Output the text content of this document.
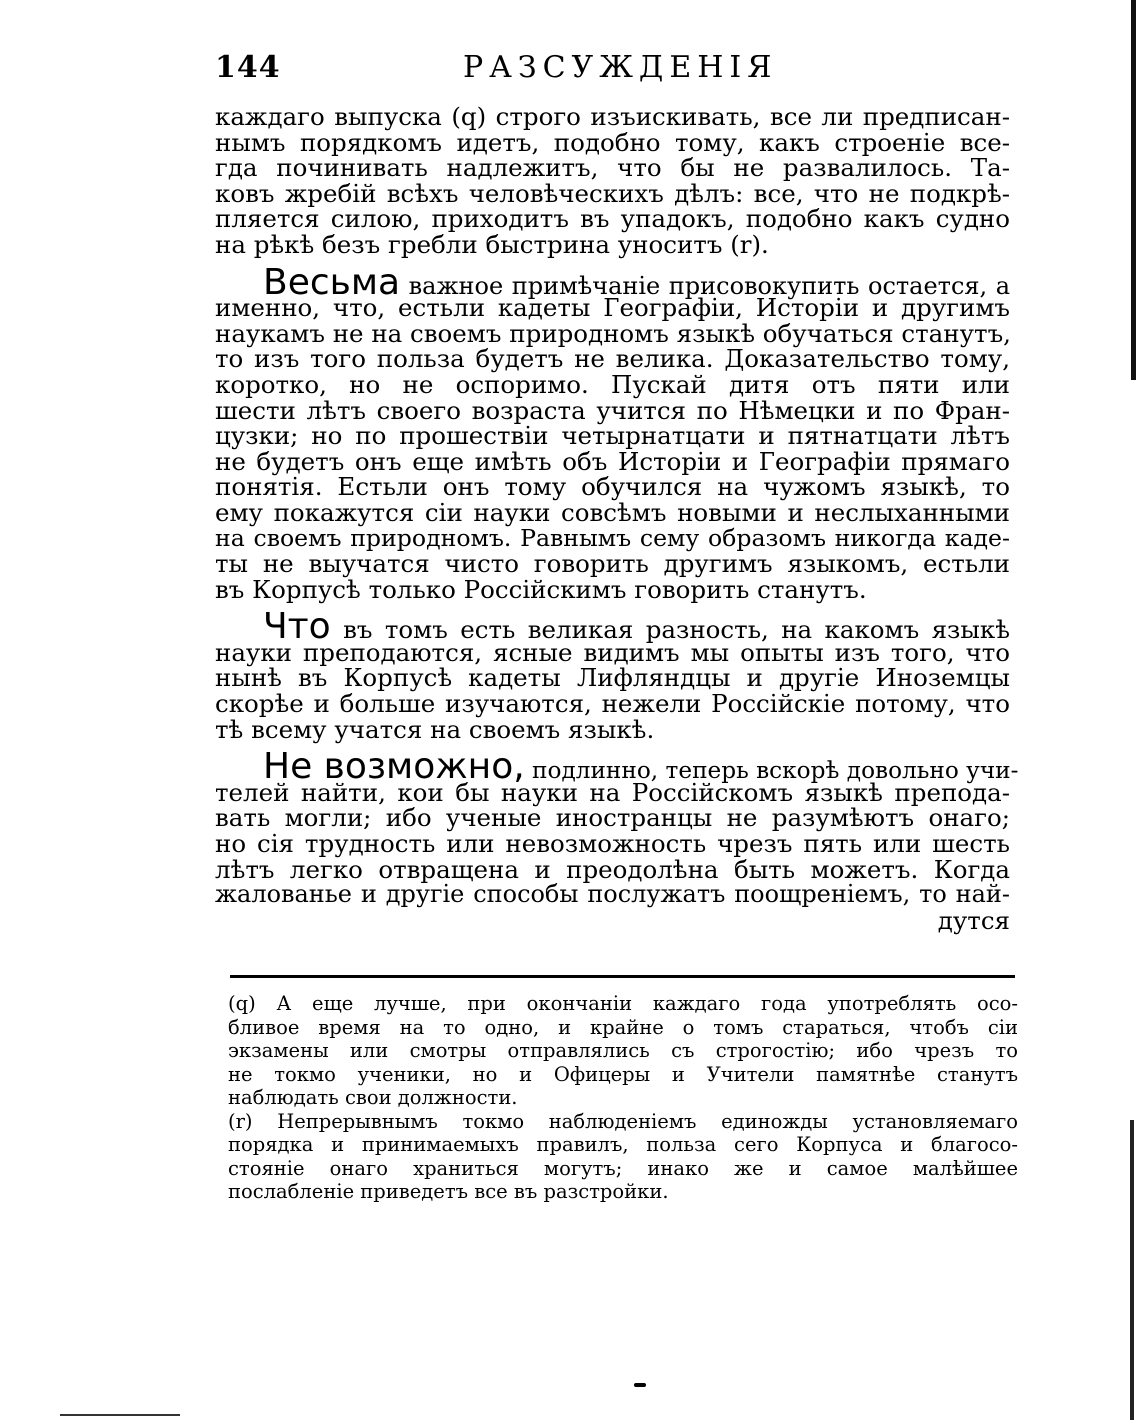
144	РАЗСУЖДЕНІЯ
каждаго выпуска (q) строго изъискивать, все ли предписан-
нымъ порядкомъ идетъ, подобно тому, какъ строеніе все-
гда починивать надлежитъ, что бы не развалилось. Та-
ковъ жребій всѣхъ человѣческихъ дѣлъ: все, что не подкрѣ-
пляется силою, приходитъ въ упадокъ, подобно какъ судно
на рѣкѣ безъ гребли быстрина уноситъ (r).
Весьма важное примѣчаніе присовокупить остается, а
именно, что, естьли кадеты Географіи, Исторіи и другимъ
наукамъ не на своемъ природномъ языкѣ обучаться станутъ,
то изъ того польза будетъ не велика. Доказательство тому,
коротко, но не оспоримо. Пускай дитя отъ пяти или
шести лѣтъ своего возраста учится по Нѣмецки и по Фран-
цузки; но по прошествіи четырнатцати и пятнатцати лѣтъ
не будетъ онъ еще имѣть объ Исторіи и Географіи прямаго
понятія. Естьли онъ тому обучился на чужомъ языкѣ, то
ему покажутся сіи науки совсѣмъ новыми и неслыханными
на своемъ природномъ. Равнымъ сему образомъ никогда каде-
ты не выучатся чисто говорить другимъ языкомъ, естьли
въ Корпусѣ только Россійскимъ говорить станутъ.
Что въ томъ есть великая разность, на какомъ языкѣ
науки преподаются, ясные видимъ мы опыты изъ того, что
нынѣ въ Корпусѣ кадеты Лифляндцы и другіе Иноземцы
скорѣе и больше изучаются, нежели Россійскіе потому, что
тѣ всему учатся на своемъ языкѣ.
Не возможно, подлинно, теперь вскорѣ довольно учи-
телей найти, кои бы науки на Россійскомъ языкѣ препода-
вать могли; ибо ученые иностранцы не разумѣютъ онаго;
но сія трудность или невозможность чрезъ пять или шесть
лѣтъ легко отвращена и преодолѣна быть можетъ. Когда
жалованье и другіе способы послужатъ поощреніемъ, то най-
дутся
(q) А еще лучше, при окончаніи каждаго года употреблять осо-
бливое время на то одно, и крайне о томъ стараться, чтобъ сіи
экзамены или смотры отправлялись съ строгостію; ибо чрезъ то
не токмо ученики, но и Офицеры и Учители памятнѣе станутъ
наблюдать свои должности.
(r) Непрерывнымъ токмо наблюденіемъ единожды установляемаго
порядка и принимаемыхъ правилъ, польза сего Корпуса и благосо-
стояніе онаго храниться могутъ; инако же и самое малѣйшее
послабленіе приведетъ все въ разстройки.
